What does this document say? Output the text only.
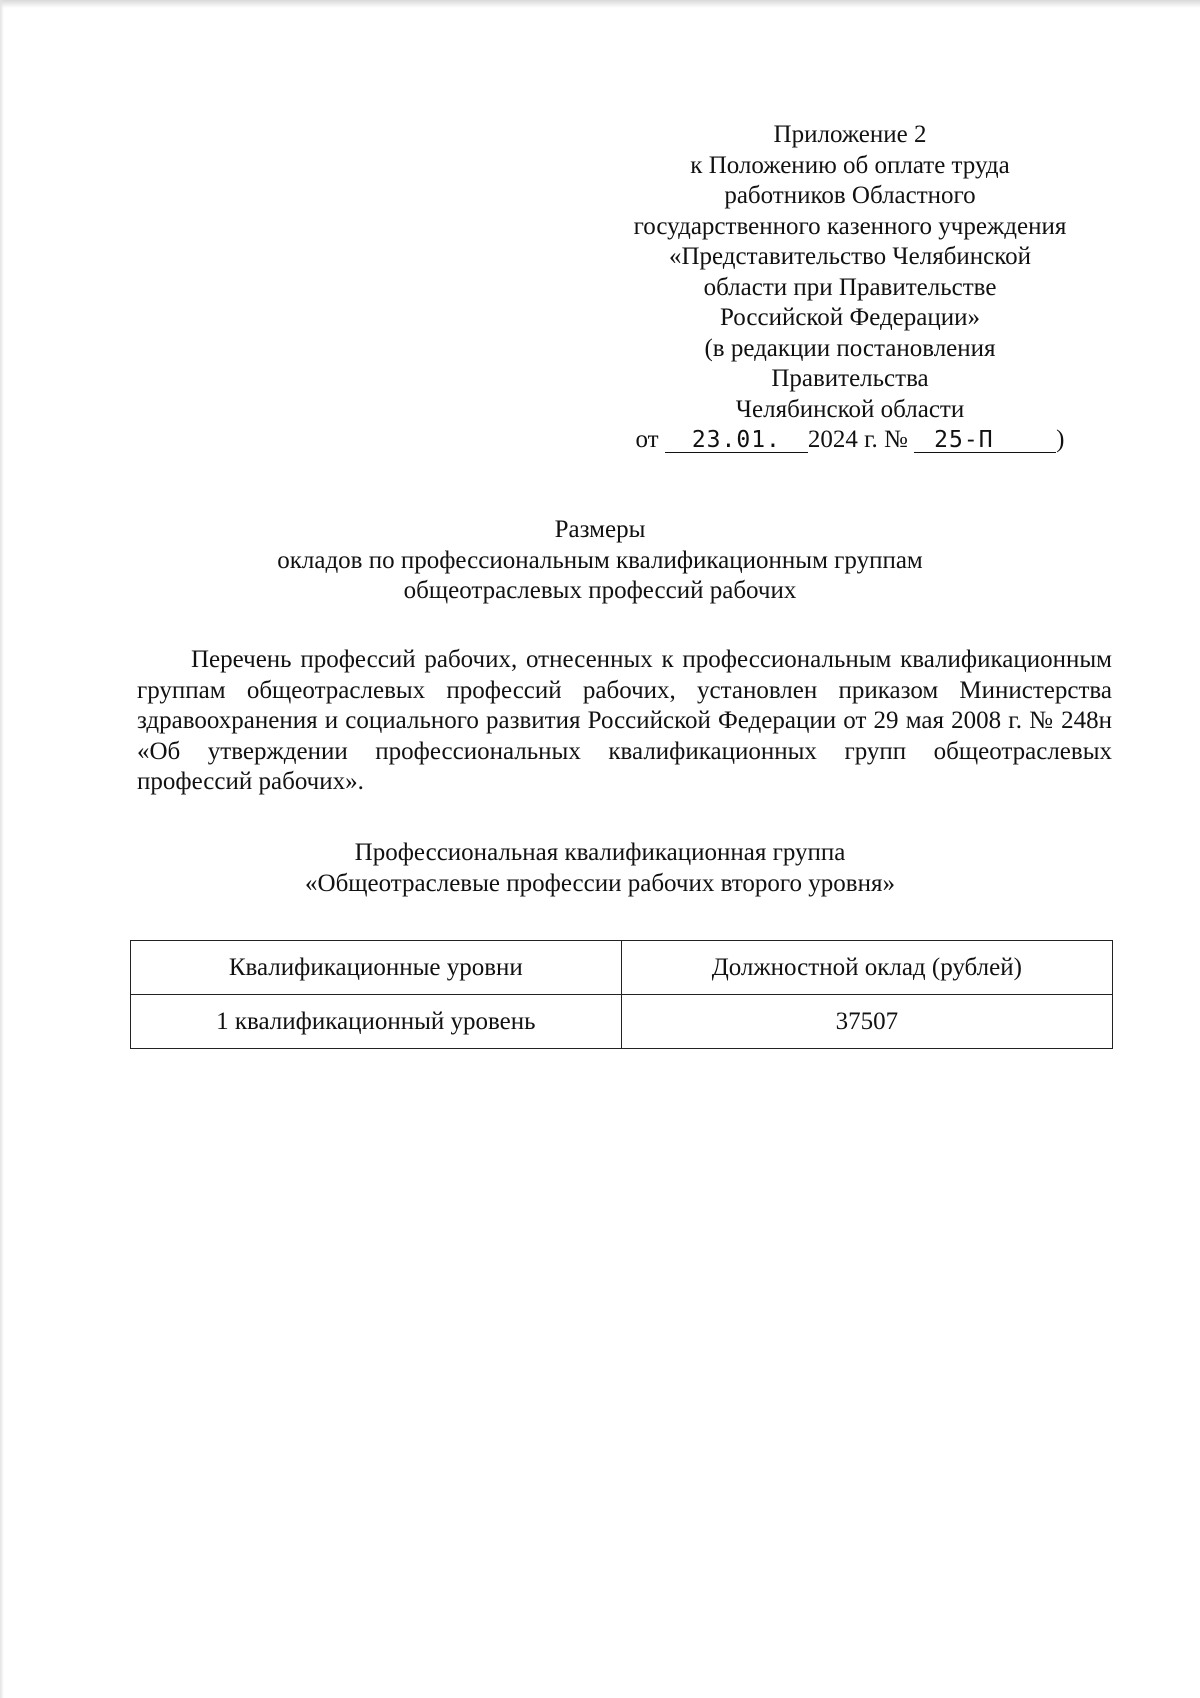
Приложение 2
к Положению об оплате труда
работников Областного
государственного казенного учреждения
«Представительство Челябинской
области при Правительстве
Российской Федерации»
(в редакции постановления
Правительства
Челябинской области
от 23.01. 2024 г. № 25-П	)
Размеры
окладов по профессиональным квалификационным группам
общеотраслевых профессий рабочих
Перечень профессий рабочих, отнесенных к профессиональным квалификационным группам общеотраслевых профессий рабочих, установлен приказом Министерства здравоохранения и социального развития Российской Федерации от 29 мая 2008 г. № 248н «Об утверждении профессиональных квалификационных групп общеотраслевых профессий рабочих».
Профессиональная квалификационная группа
«Общеотраслевые профессии рабочих второго уровня»
Квалификационные уровни	Должностной оклад (рублей)
1 квалификационный уровень	37507
